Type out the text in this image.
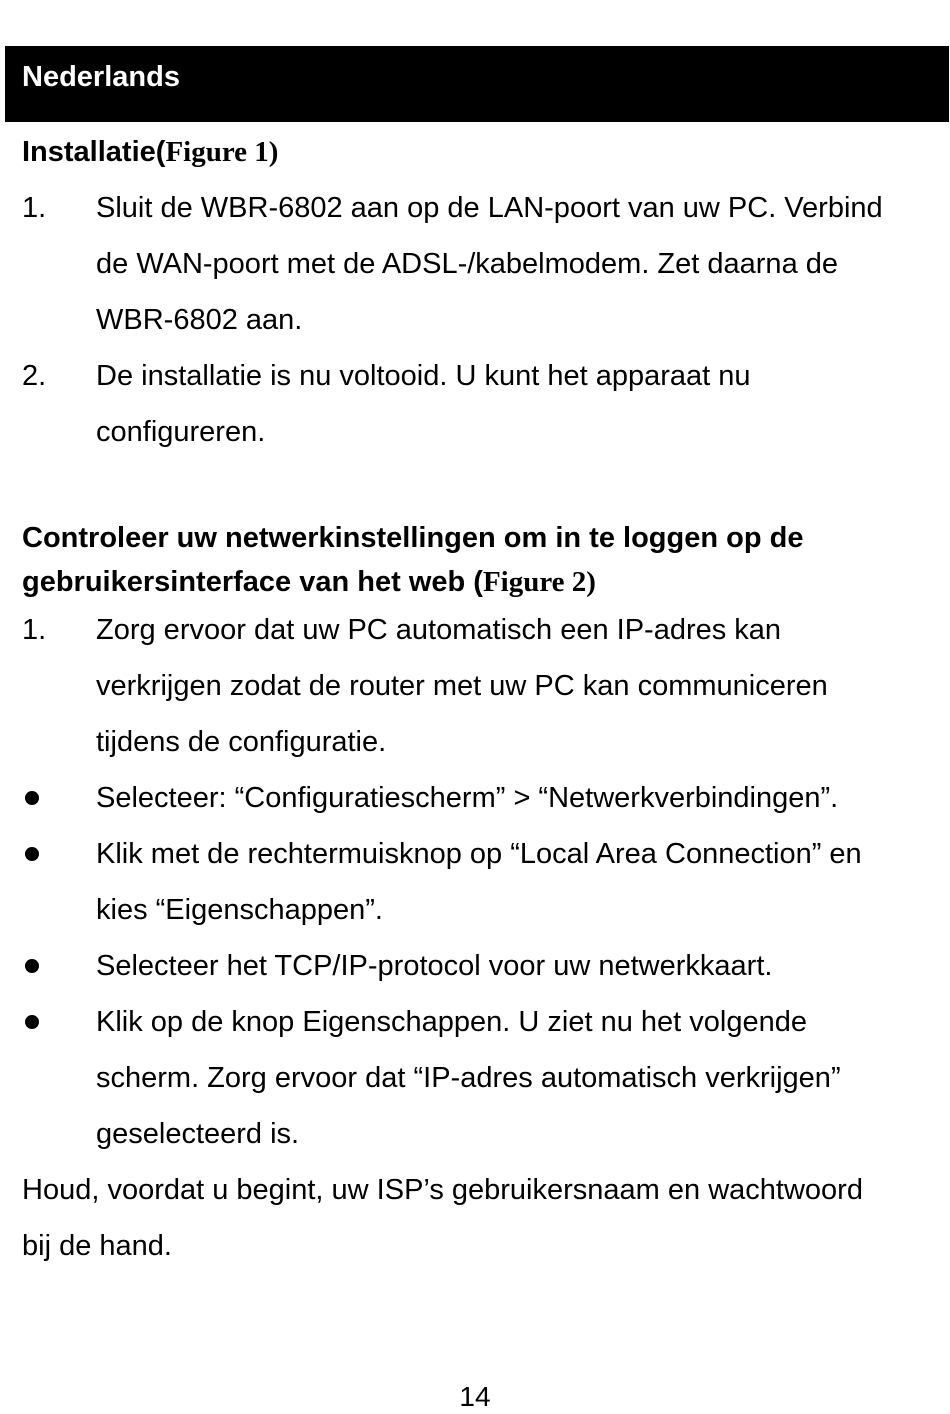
Nederlands
Installatie(Figure 1)
1. Sluit de WBR-6802 aan op de LAN-poort van uw PC. Verbind
de WAN-poort met de ADSL-/kabelmodem. Zet daarna de
WBR-6802 aan.
2. De installatie is nu voltooid. U kunt het apparaat nu
configureren.
Controleer uw netwerkinstellingen om in te loggen op de
gebruikersinterface van het web (Figure 2)
1. Zorg ervoor dat uw PC automatisch een IP-adres kan
verkrijgen zodat de router met uw PC kan communiceren
tijdens de configuratie.
Selecteer: “Configuratiescherm” > “Netwerkverbindingen”.
Klik met de rechtermuisknop op “Local Area Connection” en
kies “Eigenschappen”.
Selecteer het TCP/IP-protocol voor uw netwerkkaart.
Klik op de knop Eigenschappen. U ziet nu het volgende
scherm. Zorg ervoor dat “IP-adres automatisch verkrijgen”
geselecteerd is.
Houd, voordat u begint, uw ISP’s gebruikersnaam en wachtwoord
bij de hand.
14
